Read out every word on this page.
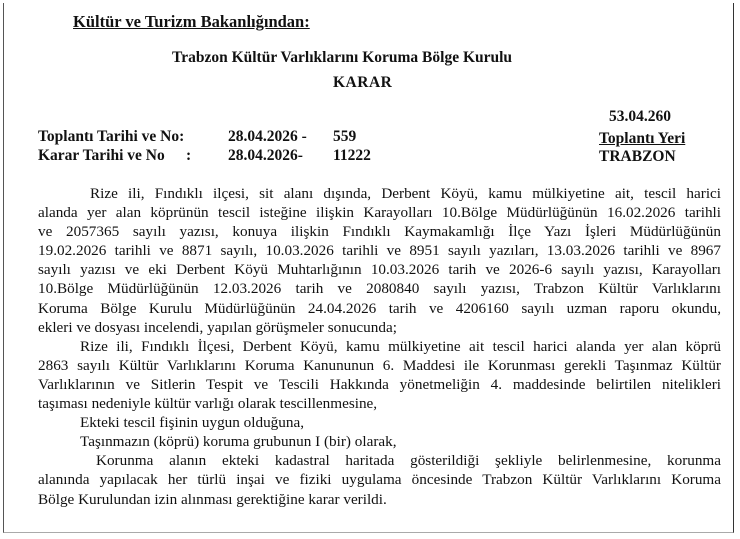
Kültür ve Turizm Bakanlığından:
Trabzon Kültür Varlıklarını Koruma Bölge Kurulu
KARAR
53.04.260
Toplantı Tarihi ve No:	28.04.2026 - 559	Toplantı Yeri
Karar Tarihi ve No : 28.04.2026- 11222	TRABZON
Rize ili, Fındıklı ilçesi, sit alanı dışında, Derbent Köyü, kamu mülkiyetine ait, tescil harici
alanda yer alan köprünün tescil isteğine ilişkin Karayolları 10.Bölge Müdürlüğünün 16.02.2026 tarihli
ve 2057365 sayılı yazısı, konuya ilişkin Fındıklı Kaymakamlığı İlçe Yazı İşleri Müdürlüğünün
19.02.2026 tarihli ve 8871 sayılı, 10.03.2026 tarihli ve 8951 sayılı yazıları, 13.03.2026 tarihli ve 8967
sayılı yazısı ve eki Derbent Köyü Muhtarlığının 10.03.2026 tarih ve 2026-6 sayılı yazısı, Karayolları
10.Bölge Müdürlüğünün 12.03.2026 tarih ve 2080840 sayılı yazısı, Trabzon Kültür Varlıklarını
Koruma Bölge Kurulu Müdürlüğünün 24.04.2026 tarih ve 4206160 sayılı uzman raporu okundu,
ekleri ve dosyası incelendi, yapılan görüşmeler sonucunda;
Rize ili, Fındıklı İlçesi, Derbent Köyü, kamu mülkiyetine ait tescil harici alanda yer alan köprü
2863 sayılı Kültür Varlıklarını Koruma Kanununun 6. Maddesi ile Korunması gerekli Taşınmaz Kültür
Varlıklarının ve Sitlerin Tespit ve Tescili Hakkında yönetmeliğin 4. maddesinde belirtilen nitelikleri
taşıması nedeniyle kültür varlığı olarak tescillenmesine,
Ekteki tescil fişinin uygun olduğuna,
Taşınmazın (köprü) koruma grubunun I (bir) olarak,
Korunma alanın ekteki kadastral haritada gösterildiği şekliyle belirlenmesine, korunma
alanında yapılacak her türlü inşai ve fiziki uygulama öncesinde Trabzon Kültür Varlıklarını Koruma
Bölge Kurulundan izin alınması gerektiğine karar verildi.
